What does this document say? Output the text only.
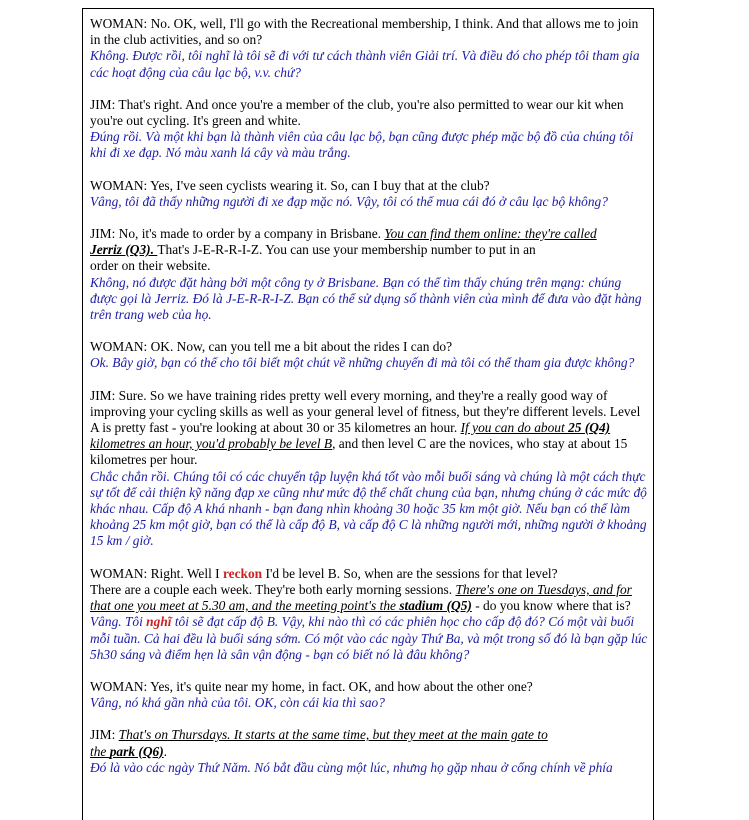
WOMAN: No. OK, well, I'll go with the Recreational membership, I think. And that allows me to join in the club activities, and so on?
Không. Được rồi, tôi nghĩ là tôi sẽ đi với tư cách thành viên Giải trí. Và điều đó cho phép tôi tham gia các hoạt động của câu lạc bộ, v.v. chứ?
JIM: That's right. And once you're a member of the club, you're also permitted to wear our kit when you're out cycling. It's green and white.
Đúng rồi. Và một khi bạn là thành viên của câu lạc bộ, bạn cũng được phép mặc bộ đồ của chúng tôi khi đi xe đạp. Nó màu xanh lá cây và màu trắng.
WOMAN: Yes, I've seen cyclists wearing it. So, can I buy that at the club?
Vâng, tôi đã thấy những người đi xe đạp mặc nó. Vậy, tôi có thể mua cái đó ở câu lạc bộ không?
JIM: No, it's made to order by a company in Brisbane. You can find them online: they're called
Jerriz (Q3). That's J-E-R-R-I-Z. You can use your membership number to put in an
order on their website.
Không, nó được đặt hàng bởi một công ty ở Brisbane. Bạn có thể tìm thấy chúng trên mạng: chúng được gọi là Jerriz. Đó là J-E-R-R-I-Z. Bạn có thể sử dụng số thành viên của mình để đưa vào đặt hàng trên trang web của họ.
WOMAN: OK. Now, can you tell me a bit about the rides I can do?
Ok. Bây giờ, bạn có thể cho tôi biết một chút về những chuyến đi mà tôi có thể tham gia được không?
JIM: Sure. So we have training rides pretty well every morning, and they're a really good way of improving your cycling skills as well as your general level of fitness, but they're different levels. Level A is pretty fast - you're looking at about 30 or 35 kilometres an hour. If you can do about 25 (Q4) kilometres an hour, you'd probably be level B, and then level C are the novices, who stay at about 15 kilometres per hour.
Chắc chắn rồi. Chúng tôi có các chuyến tập luyện khá tốt vào mỗi buổi sáng và chúng là một cách thực sự tốt để cải thiện kỹ năng đạp xe cũng như mức độ thể chất chung của bạn, nhưng chúng ở các mức độ khác nhau. Cấp độ A khá nhanh - bạn đang nhìn khoảng 30 hoặc 35 km một giờ. Nếu bạn có thể làm khoảng 25 km một giờ, bạn có thể là cấp độ B, và cấp độ C là những người mới, những người ở khoảng 15 km / giờ.
WOMAN: Right. Well I reckon I'd be level B. So, when are the sessions for that level?
There are a couple each week. They're both early morning sessions. There's one on Tuesdays, and for that one you meet at 5.30 am, and the meeting point's the stadium (Q5) - do you know where that is?
Vâng. Tôi nghĩ tôi sẽ đạt cấp độ B. Vậy, khi nào thì có các phiên học cho cấp độ đó? Có một vài buổi mỗi tuần. Cả hai đều là buổi sáng sớm. Có một vào các ngày Thứ Ba, và một trong số đó là bạn gặp lúc 5h30 sáng và điểm hẹn là sân vận động - bạn có biết nó là đâu không?
WOMAN: Yes, it's quite near my home, in fact. OK, and how about the other one?
Vâng, nó khá gần nhà của tôi. OK, còn cái kia thì sao?
JIM: That's on Thursdays. It starts at the same time, but they meet at the main gate to
the park (Q6).
Đó là vào các ngày Thứ Năm. Nó bắt đầu cùng một lúc, nhưng họ gặp nhau ở cổng chính về phía
